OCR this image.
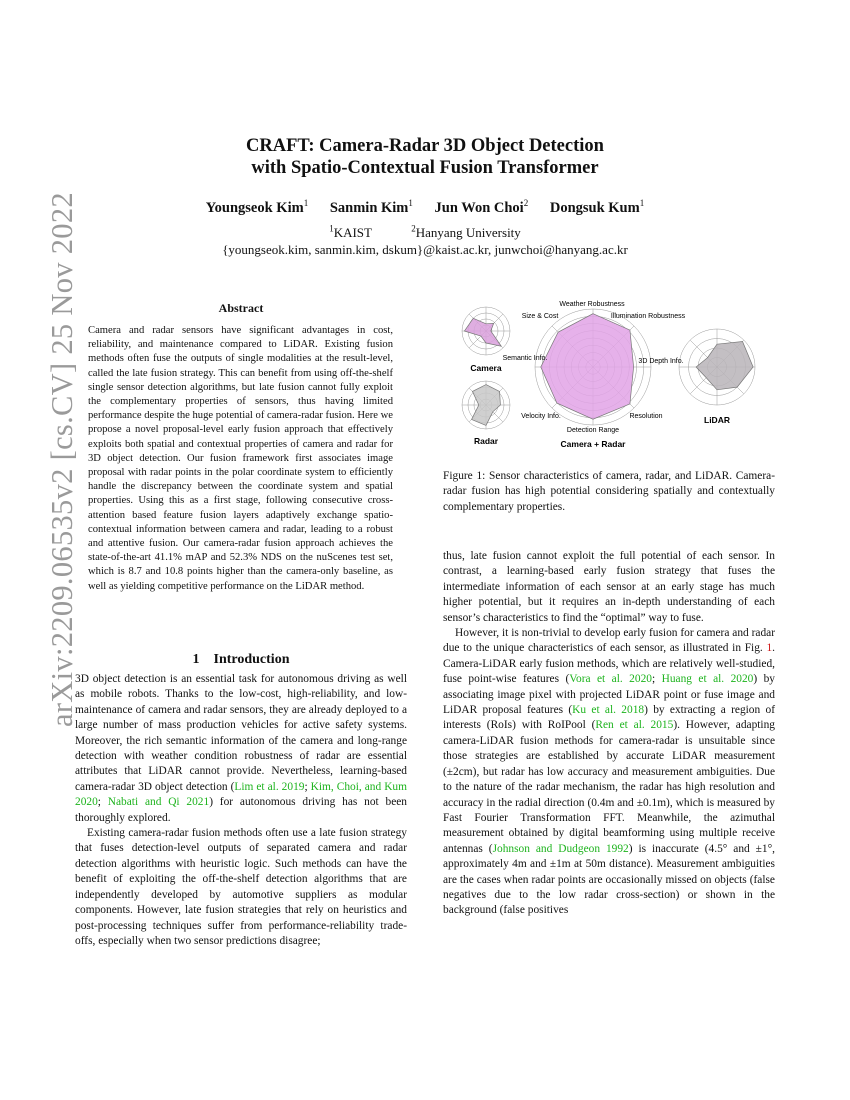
CRAFT: Camera-Radar 3D Object Detection
with Spatio-Contextual Fusion Transformer
Youngseok Kim$^1$ Sanmin Kim$^1$ Jun Won Choi$^2$ Dongsuk Kum$^1$
$^1$KAIST	$^2$Hanyang University
{youngseok.kim, sanmin.kim, dskum}@kaist.ac.kr, junwchoi@hanyang.ac.kr
arXiv:2209.06535v2 [cs.CV] 25 Nov 2022	Abstract

Camera and radar sensors have significant advantages in cost, reliability, and maintenance compared to LiDAR. Existing fusion methods often fuse the outputs of single modalities at the result-level, called the late fusion strategy. This can benefit from using off-the-shelf single sensor detection algorithms, but late fusion cannot fully exploit the complementary properties of sensors, thus having limited performance despite the huge potential of camera-radar fusion. Here we propose a novel proposal-level early fusion approach that effectively exploits both spatial and contextual properties of camera and radar for 3D object detection. Our fusion framework first associates image proposal with radar points in the polar coordinate system to efficiently handle the discrepancy between the coordinate system and spatial properties. Using this as a first stage, following consecutive cross-attention based feature fusion layers adaptively exchange spatio-contextual information between camera and radar, leading to a robust and attentive fusion. Our camera-radar fusion approach achieves the state-of-the-art 41.1% mAP and 52.3% NDS on the nuScenes test set, which is 8.7 and 10.8 points higher than the camera-only baseline, as well as yielding competitive performance on the LiDAR method.

1 Introduction

3D object detection is an essential task for autonomous driving as well as mobile robots. Thanks to the low-cost, high-reliability, and low-maintenance of camera and radar sensors, they are already deployed to a large number of mass production vehicles for active safety systems. Moreover, the rich semantic information of the camera and long-range detection with weather condition robustness of radar are essential attributes that LiDAR cannot provide. Nevertheless, learning-based camera-radar 3D object detection (Lim et al. 2019; Kim, Choi, and Kum 2020; Nabati and Qi 2021) for autonomous driving has not been thoroughly explored.

Existing camera-radar fusion methods often use a late fusion strategy that fuses detection-level outputs of separated camera and radar detection algorithms with heuristic logic. Such methods can have the benefit of exploiting the off-the-shelf detection algorithms that are independently developed by automotive suppliers as modular components. However, late fusion strategies that rely on heuristics and post-processing techniques suffer from performance-reliability trade-offs, especially when two sensor predictions disagree;

Camera
Radar	Camera + Radar
LiDAR
Weather Robustness
Illumination Robustness
3D Depth Info.
Resolution
Detection Range
Velocity Info.
Semantic Info.
Size & Cost
Figure 1: Sensor characteristics of camera, radar, and LiDAR. Camera-radar fusion has high potential considering spatially and contextually complementary properties.

thus, late fusion cannot exploit the full potential of each sensor. In contrast, a learning-based early fusion strategy that fuses the intermediate information of each sensor at an early stage has much higher potential, but it requires an in-depth understanding of each sensor’s characteristics to find the “optimal” way to fuse.

However, it is non-trivial to develop early fusion for camera and radar due to the unique characteristics of each sensor, as illustrated in Fig. 1. Camera-LiDAR early fusion methods, which are relatively well-studied, fuse point-wise features (Vora et al. 2020; Huang et al. 2020) by associating image pixel with projected LiDAR point or fuse image and LiDAR proposal features (Ku et al. 2018) by extracting a region of interests (RoIs) with RoIPool (Ren et al. 2015). However, adapting camera-LiDAR fusion methods for camera-radar is unsuitable since those strategies are established by accurate LiDAR measurement (±2cm), but radar has low accuracy and measurement ambiguities. Due to the nature of the radar mechanism, the radar has high resolution and accuracy in the radial direction (0.4m and ±0.1m), which is measured by Fast Fourier Transformation FFT. Meanwhile, the azimuthal measurement obtained by digital beamforming using multiple receive antennas (Johnson and Dudgeon 1992) is inaccurate (4.5° and ±1°, approximately 4m and ±1m at 50m distance). Measurement ambiguities are the cases when radar points are occasionally missed on objects (false negatives due to the low radar cross-section) or shown in the background (false positives
